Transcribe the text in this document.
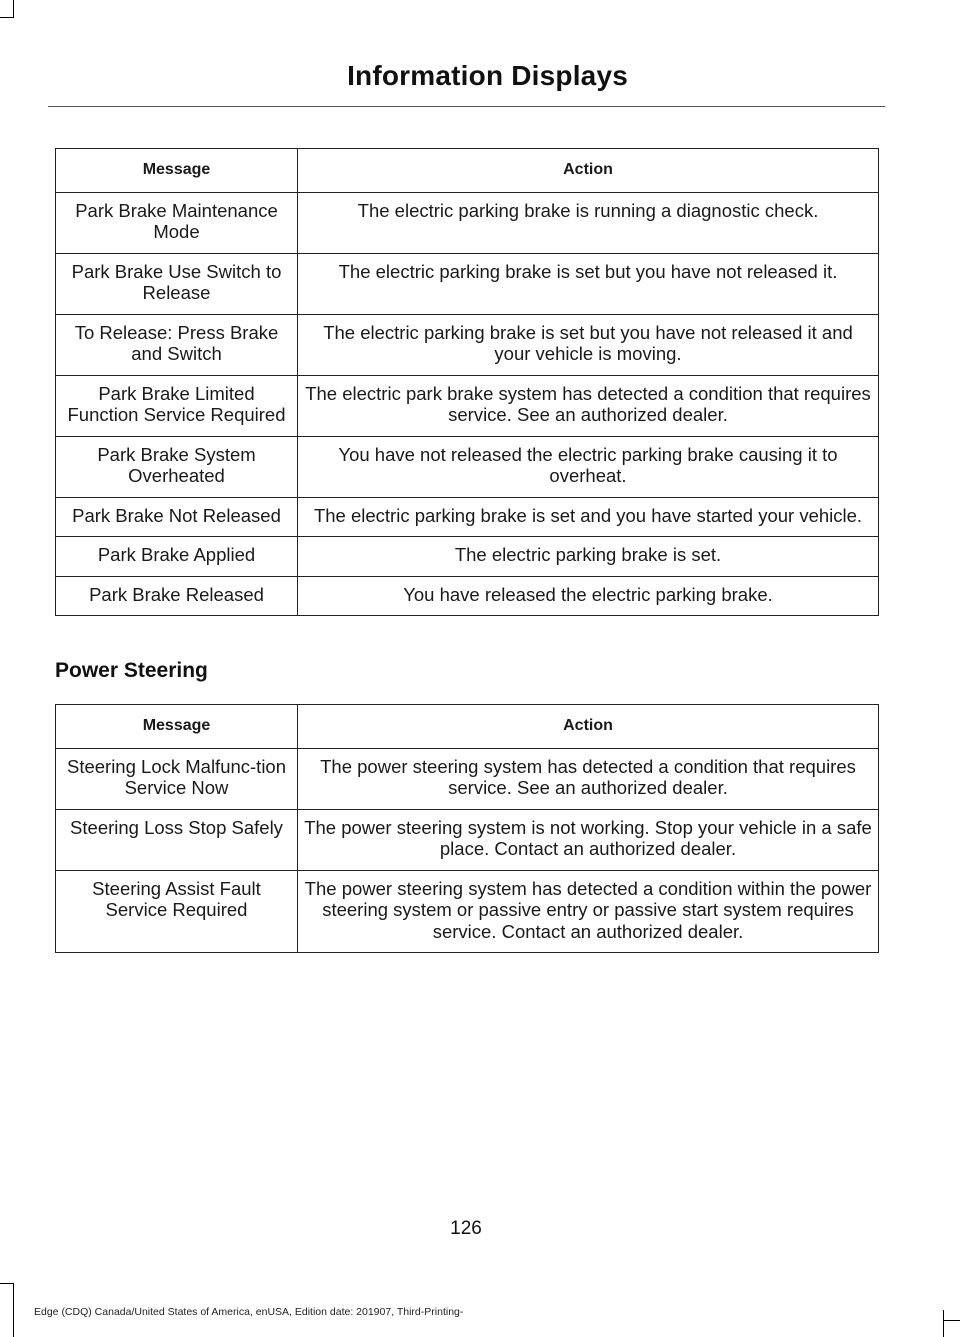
Information Displays
Message	Action
Park Brake Maintenance Mode	The electric parking brake is running a diagnostic check.
Park Brake Use Switch to Release	The electric parking brake is set but you have not released it.
To Release: Press Brake and Switch	The electric parking brake is set but you have not released it and your vehicle is moving.
Park Brake Limited Function Service Required	The electric park brake system has detected a condition that requires service. See an authorized dealer.
Park Brake System Overheated	You have not released the electric parking brake causing it to overheat.
Park Brake Not Released	The electric parking brake is set and you have started your vehicle.
Park Brake Applied	The electric parking brake is set.
Park Brake Released	You have released the electric parking brake.
Power Steering
Message	Action
Steering Lock Malfunc-tion Service Now	The power steering system has detected a condition that requires service. See an authorized dealer.
Steering Loss Stop Safely	The power steering system is not working. Stop your vehicle in a safe place. Contact an authorized dealer.
Steering Assist Fault Service Required	The power steering system has detected a condition within the power steering system or passive entry or passive start system requires service. Contact an authorized dealer.
126
Edge (CDQ) Canada/United States of America, enUSA, Edition date: 201907, Third-Printing-
